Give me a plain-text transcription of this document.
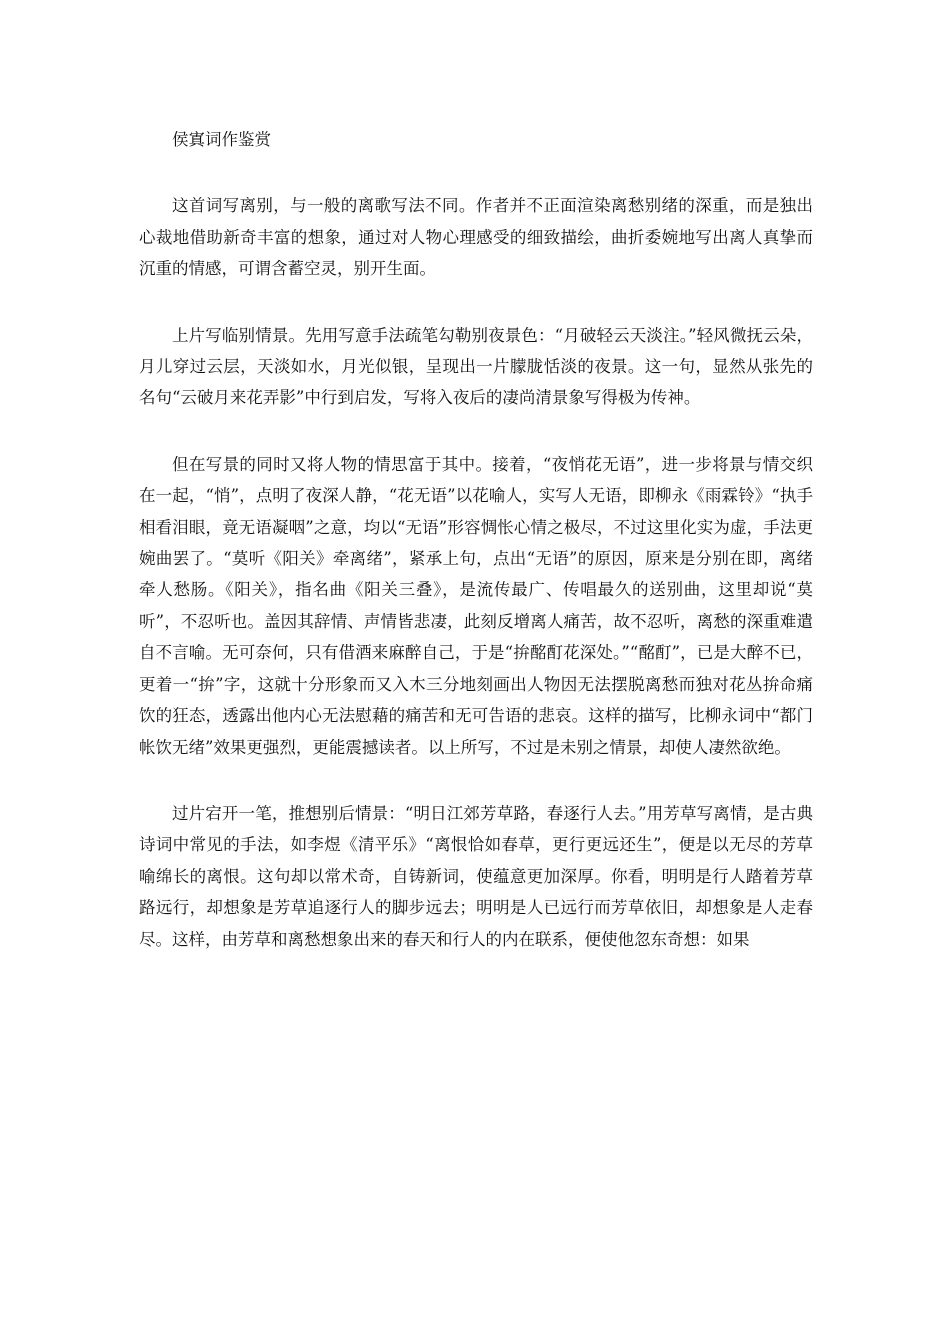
侯寘词作鉴赏

这首词写离别，与一般的离歌写法不同。作者并不正面渲染离愁别绪的深重，而是独出心裁地借助新奇丰富的想象，通过对人物心理感受的细致描绘，曲折委婉地写出离人真挚而沉重的情感，可谓含蓄空灵，别开生面。

上片写临别情景。先用写意手法疏笔勾勒别夜景色：“月破轻云天淡注。”轻风微抚云朵，月儿穿过云层，天淡如水，月光似银，呈现出一片朦胧恬淡的夜景。这一句，显然从张先的名句“云破月来花弄影”中行到启发，写将入夜后的凄尚清景象写得极为传神。

但在写景的同时又将人物的情思富于其中。接着，“夜悄花无语”，进一步将景与情交织在一起，“悄”，点明了夜深人静，“花无语”以花喻人，实写人无语，即柳永《雨霖铃》“执手相看泪眼，竟无语凝咽”之意，均以“无语”形容惆怅心情之极尽，不过这里化实为虚，手法更婉曲罢了。“莫听《阳关》牵离绪”，紧承上句，点出“无语”的原因，原来是分别在即，离绪牵人愁肠。《阳关》，指名曲《阳关三叠》，是流传最广、传唱最久的送别曲，这里却说“莫听”，不忍听也。盖因其辞情、声情皆悲凄，此刻反增离人痛苦，故不忍听，离愁的深重难遣自不言喻。无可奈何，只有借酒来麻醉自己，于是“拚酩酊花深处。”“酩酊”，已是大醉不已，更着一“拚”字，这就十分形象而又入木三分地刻画出人物因无法摆脱离愁而独对花丛拚命痛饮的狂态，透露出他内心无法慰藉的痛苦和无可告语的悲哀。这样的描写，比柳永词中“都门帐饮无绪”效果更强烈，更能震撼读者。以上所写，不过是未别之情景，却使人凄然欲绝。

过片宕开一笔，推想别后情景：“明日江郊芳草路，春逐行人去。”用芳草写离情，是古典诗词中常见的手法，如李煜《清平乐》“离恨恰如春草，更行更远还生”，便是以无尽的芳草喻绵长的离恨。这句却以常术奇，自铸新词，使蕴意更加深厚。你看，明明是行人踏着芳草路远行，却想象是芳草追逐行人的脚步远去；明明是人已远行而芳草依旧，却想象是人走春尽。这样，由芳草和离愁想象出来的春天和行人的内在联系，便使他忽东奇想：如果
